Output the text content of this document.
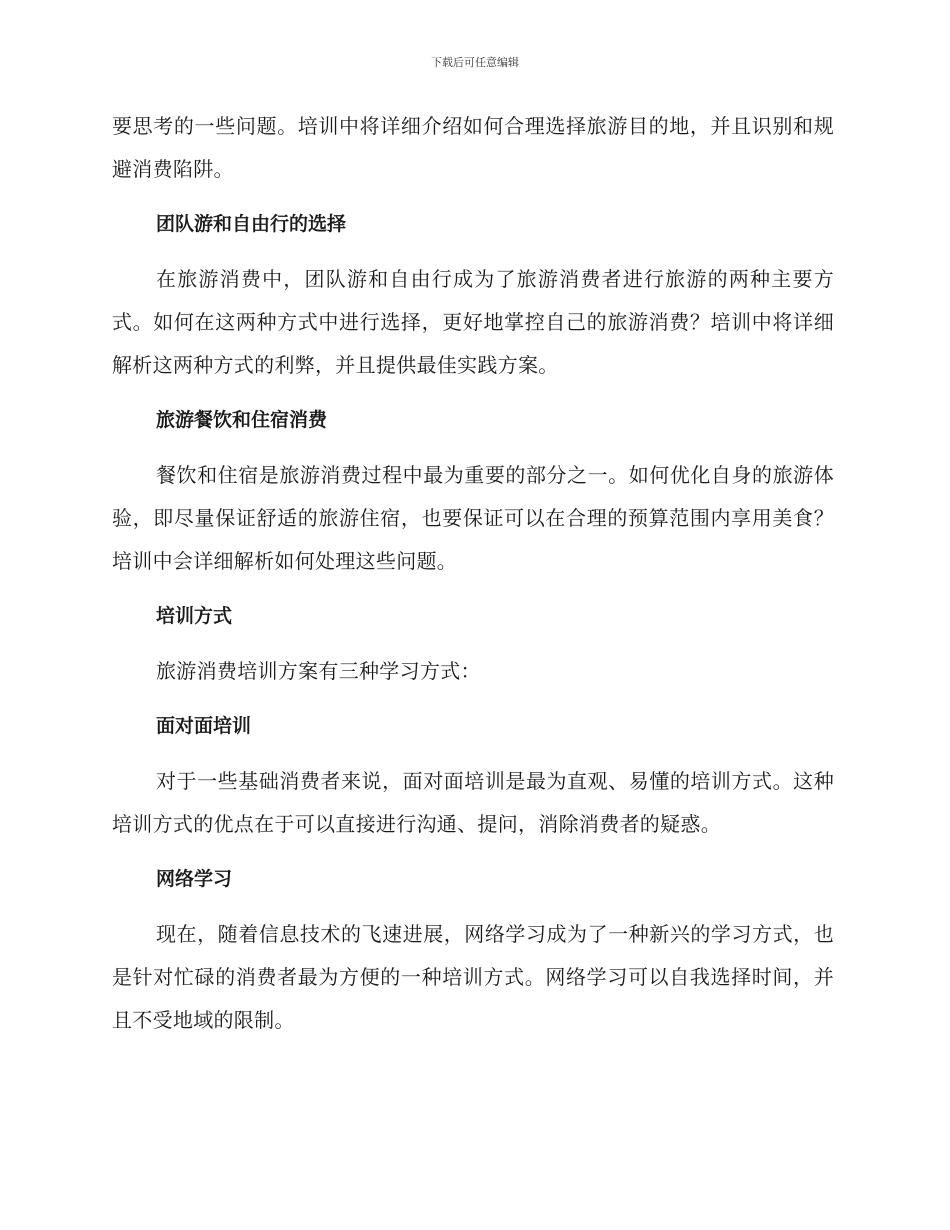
下载后可任意编辑

要思考的一些问题。培训中将详细介绍如何合理选择旅游目的地，并且识别和规避消费陷阱。

团队游和自由行的选择

在旅游消费中，团队游和自由行成为了旅游消费者进行旅游的两种主要方式。如何在这两种方式中进行选择，更好地掌控自己的旅游消费？培训中将详细解析这两种方式的利弊，并且提供最佳实践方案。

旅游餐饮和住宿消费

餐饮和住宿是旅游消费过程中最为重要的部分之一。如何优化自身的旅游体验，即尽量保证舒适的旅游住宿，也要保证可以在合理的预算范围内享用美食？培训中会详细解析如何处理这些问题。

培训方式

旅游消费培训方案有三种学习方式：

面对面培训

对于一些基础消费者来说，面对面培训是最为直观、易懂的培训方式。这种培训方式的优点在于可以直接进行沟通、提问，消除消费者的疑惑。

网络学习

现在，随着信息技术的飞速进展，网络学习成为了一种新兴的学习方式，也是针对忙碌的消费者最为方便的一种培训方式。网络学习可以自我选择时间，并且不受地域的限制。
